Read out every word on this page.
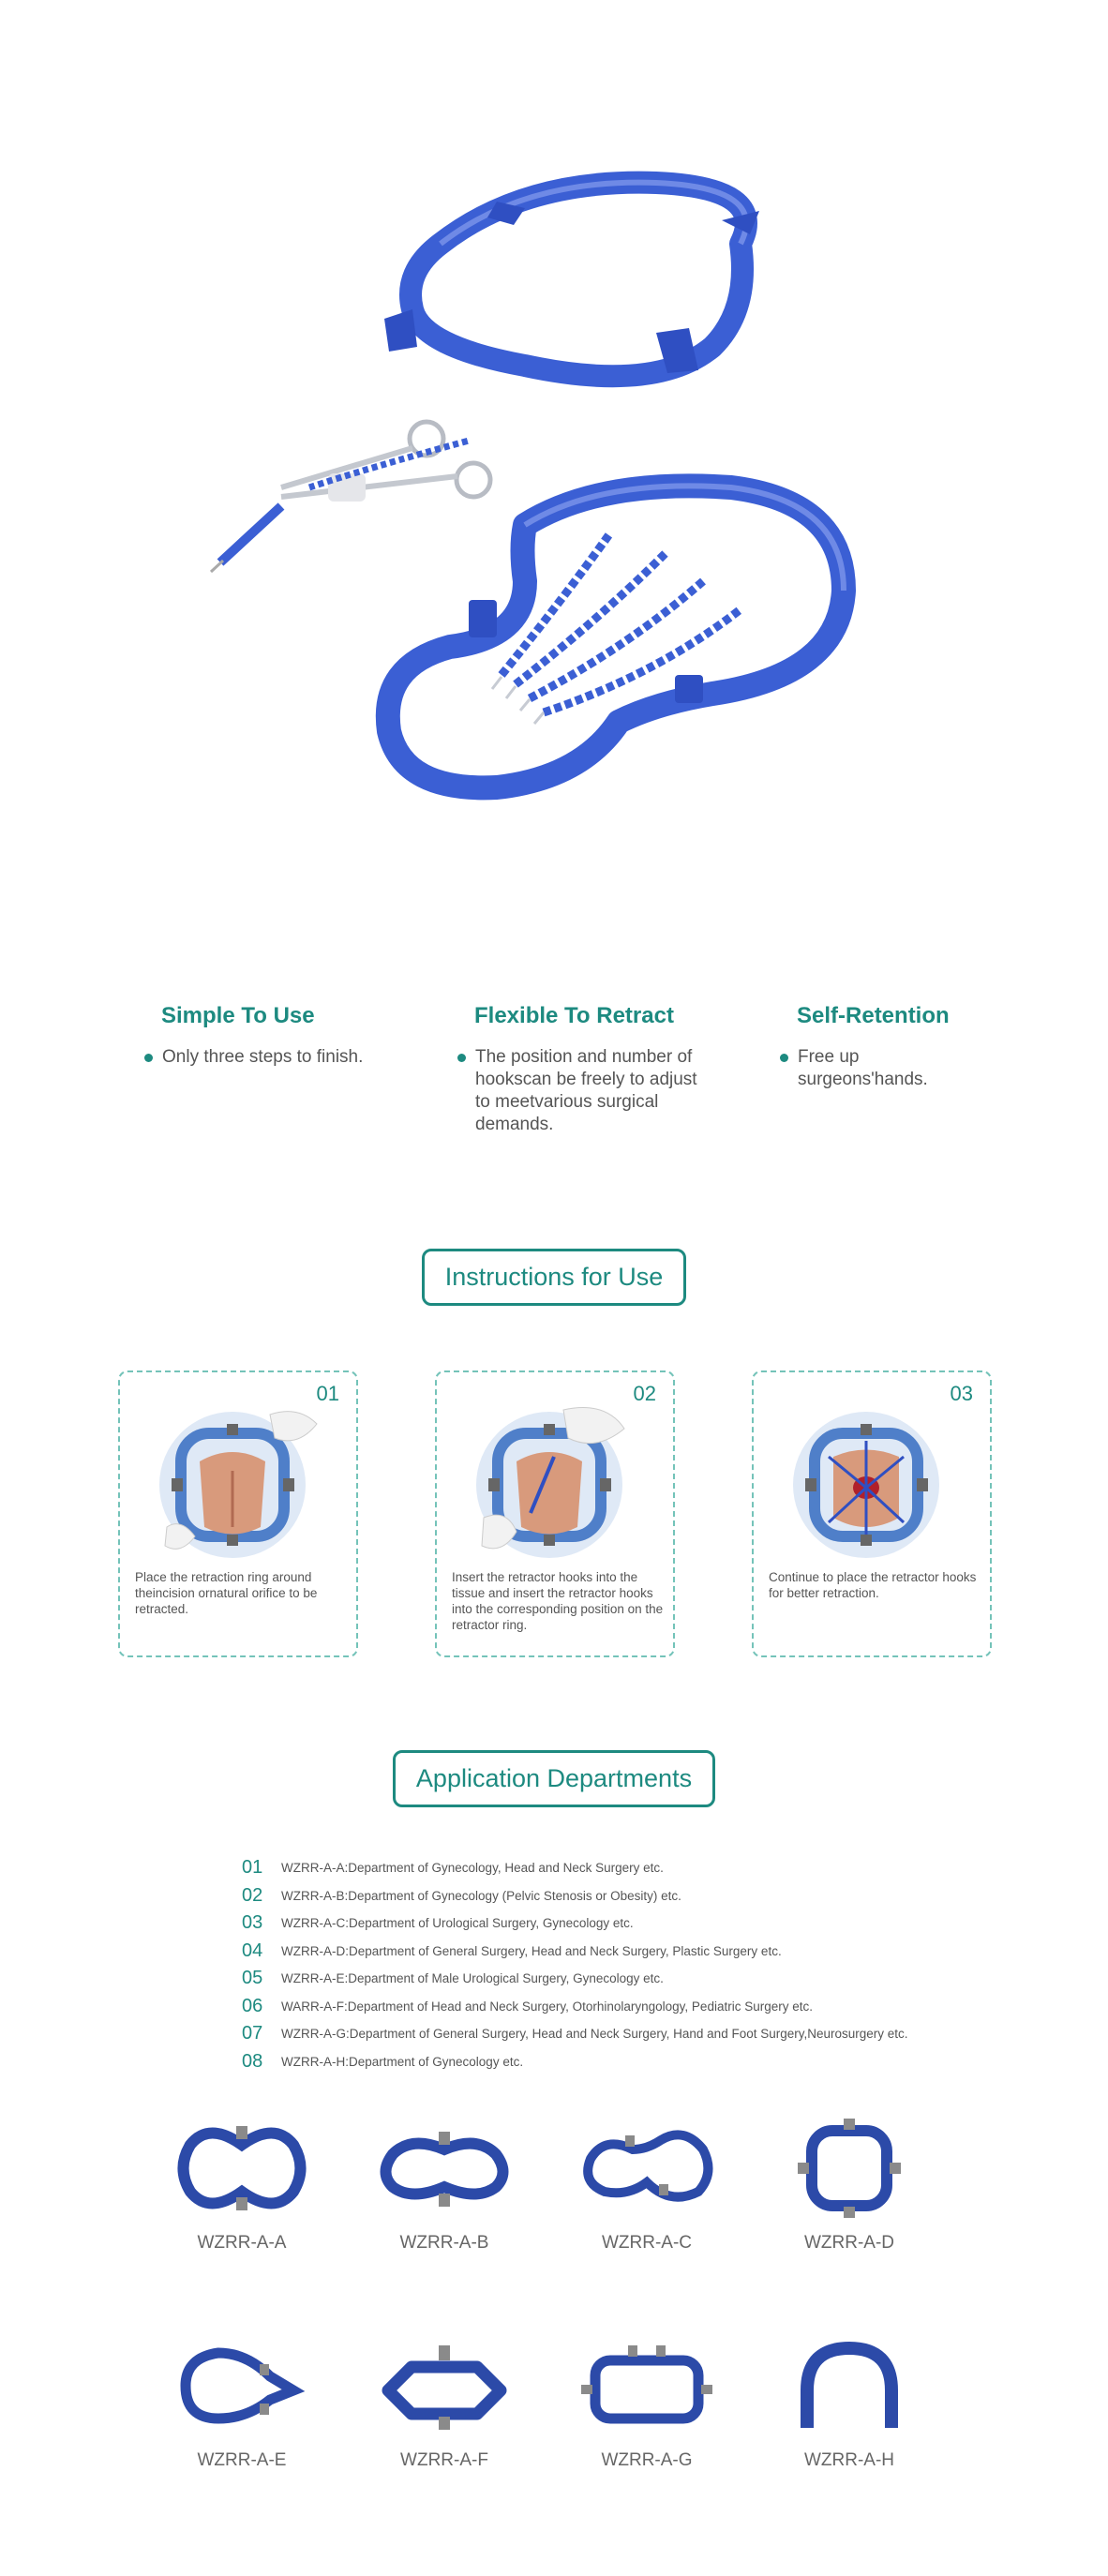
Simple To Use
Only three steps to finish.
Flexible To Retract
The position and number of hookscan be freely to adjust to meetvarious surgical demands.
Self-Retention
Free up surgeons'hands.
Instructions for Use
01
Place the retraction ring around theincision ornatural orifice to be retracted.
02
Insert the retractor hooks into the tissue and insert the retractor hooks into the corresponding position on the retractor ring.
03
Continue to place the retractor hooks for better retraction.
Application Departments
01	WZRR-A-A:Department of Gynecology, Head and Neck Surgery etc.
02	WZRR-A-B:Department of Gynecology (Pelvic Stenosis or Obesity) etc.
03	WZRR-A-C:Department of Urological Surgery, Gynecology etc.
04	WZRR-A-D:Department of General Surgery, Head and Neck Surgery, Plastic Surgery etc.
05	WZRR-A-E:Department of Male Urological Surgery, Gynecology etc.
06	WARR-A-F:Department of Head and Neck Surgery, Otorhinolaryngology, Pediatric Surgery etc.
07	WZRR-A-G:Department of General Surgery, Head and Neck Surgery, Hand and Foot Surgery,Neurosurgery etc.
08	WZRR-A-H:Department of Gynecology etc.
WZRR-A-A	WZRR-A-B	WZRR-A-C	WZRR-A-D
WZRR-A-E	WZRR-A-F	WZRR-A-G	WZRR-A-H
